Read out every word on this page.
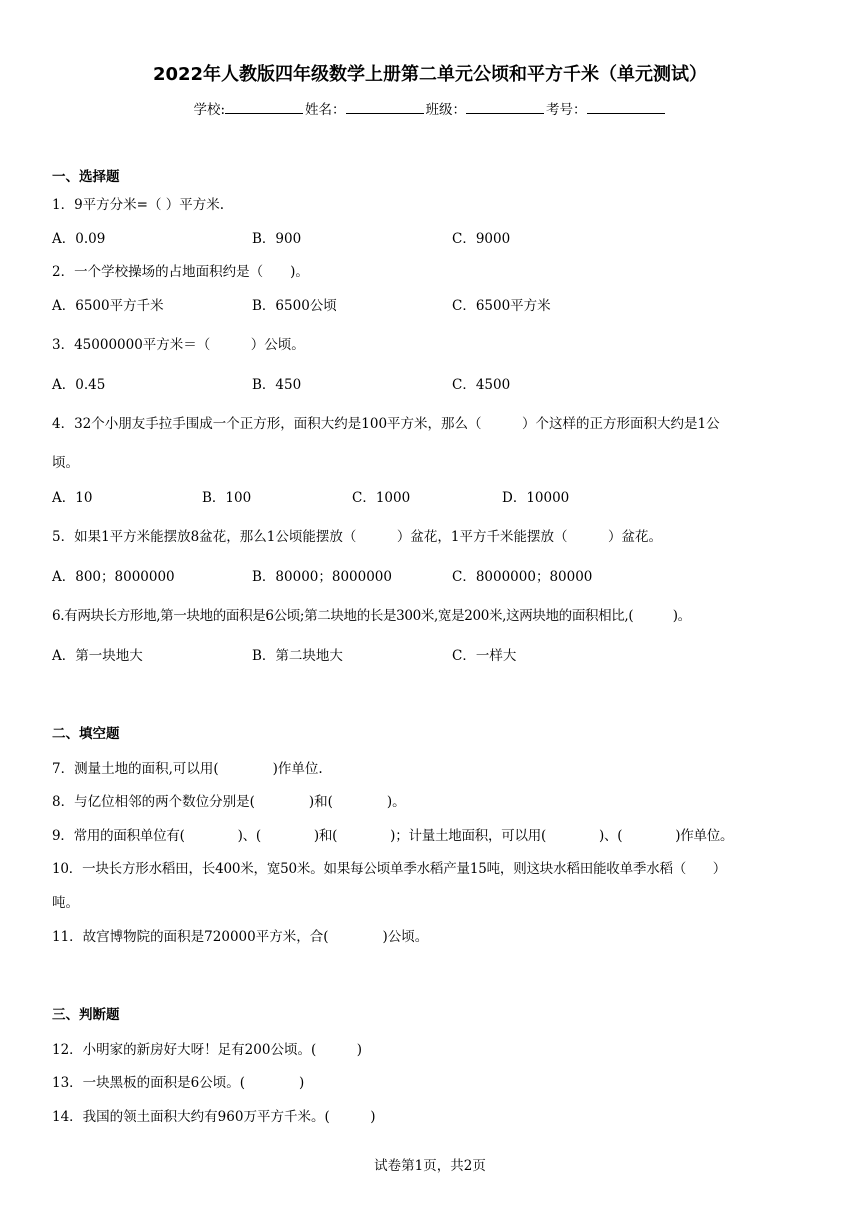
2022年人教版四年级数学上册第二单元公顷和平方千米（单元测试）
学校:	姓名：	班级：	考号：
一、选择题
1．9平方分米=（ ）平方米.
A．0.09	B．900	C．9000
2．一个学校操场的占地面积约是（　　)。
A．6500平方千米	B．6500公顷	C．6500平方米
3．45000000平方米＝（　　　）公顷。
A．0.45	B．450	C．4500
4．32个小朋友手拉手围成一个正方形，面积大约是100平方米，那么（　　　）个这样的正方形面积大约是1公
顷。
A．10	B．100	C．1000	D．10000
5．如果1平方米能摆放8盆花，那么1公顷能摆放（　　　）盆花，1平方千米能摆放（　　　）盆花。
A．800；8000000	B．80000；8000000	C．8000000；80000
6.有两块长方形地,第一块地的面积是6公顷;第二块地的长是300米,宽是200米,这两块地的面积相比,(　　　)。
A．第一块地大	B．第二块地大	C．一样大
二、填空题
7．测量土地的面积,可以用(　　　　)作单位.
8．与亿位相邻的两个数位分别是(　　　　)和(　　　　)。
9．常用的面积单位有(　　　　)、(　　　　)和(　　　　)；计量土地面积，可以用(　　　　)、(　　　　)作单位。
10．一块长方形水稻田，长400米，宽50米。如果每公顷单季水稻产量15吨，则这块水稻田能收单季水稻（　　）
吨。
11．故宫博物院的面积是720000平方米，合(　　　　)公顷。
三、判断题
12．小明家的新房好大呀！足有200公顷。(　　　)
13．一块黑板的面积是6公顷。(　　　　)
14．我国的领土面积大约有960万平方千米。(　　　)
试卷第1页，共2页
